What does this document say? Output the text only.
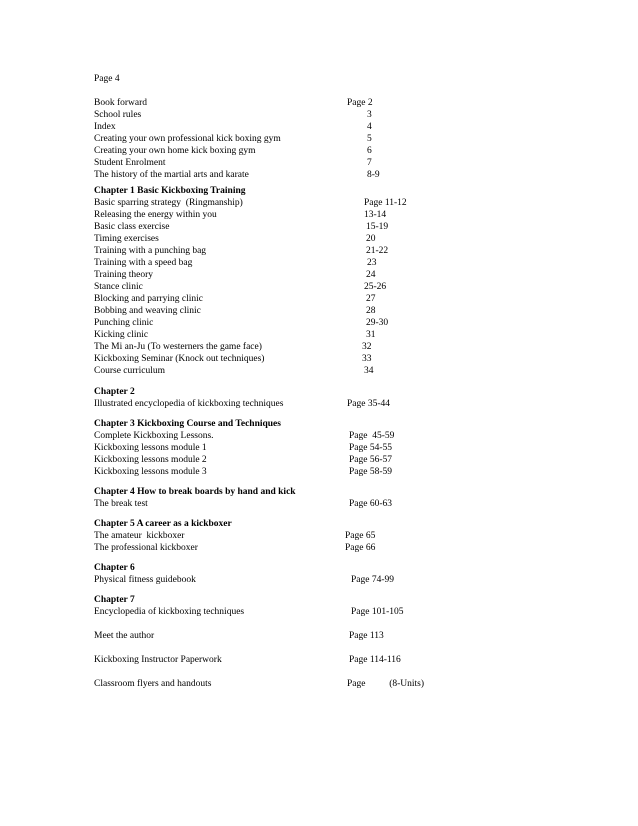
Page 4
Book forward	Page 2
School rules	3
Index	4
Creating your own professional kick boxing gym	5
Creating your own home kick boxing gym	6
Student Enrolment	7
The history of the martial arts and karate	8-9
Chapter 1 Basic Kickboxing Training
Basic sparring strategy  (Ringmanship)	Page 11-12
Releasing the energy within you	13-14
Basic class exercise	15-19
Timing exercises	20
Training with a punching bag	21-22
Training with a speed bag	23
Training theory	24
Stance clinic	25-26
Blocking and parrying clinic	27
Bobbing and weaving clinic	28
Punching clinic	29-30
Kicking clinic	31
The Mi an-Ju (To westerners the game face)	32
Kickboxing Seminar (Knock out techniques)	33
Course curriculum	34
Chapter 2
Illustrated encyclopedia of kickboxing techniques	Page 35-44
Chapter 3 Kickboxing Course and Techniques
Complete Kickboxing Lessons.	Page  45-59
Kickboxing lessons module 1	Page 54-55
Kickboxing lessons module 2	Page 56-57
Kickboxing lessons module 3	Page 58-59
Chapter 4 How to break boards by hand and kick
The break test	Page 60-63
Chapter 5 A career as a kickboxer
The amateur  kickboxer	Page 65
The professional kickboxer	Page 66
Chapter 6
Physical fitness guidebook	Page 74-99
Chapter 7
Encyclopedia of kickboxing techniques	Page 101-105
Meet the author	Page 113
Kickboxing Instructor Paperwork	Page 114-116
Classroom flyers and handouts	Page          (8-Units)
